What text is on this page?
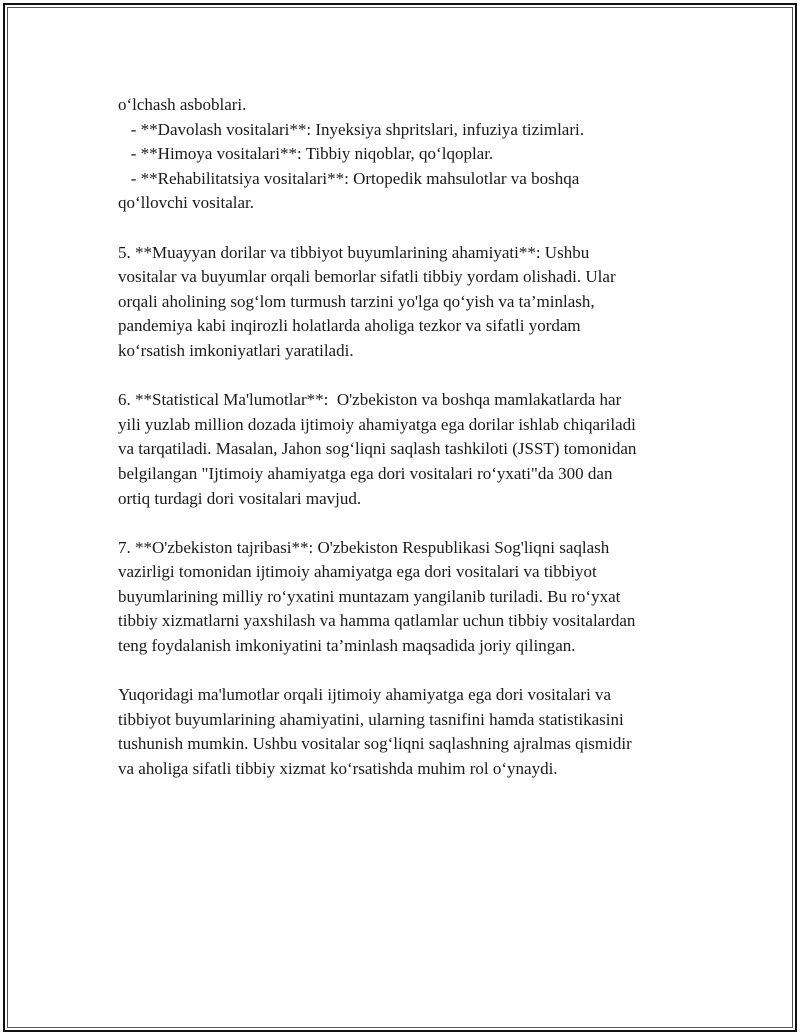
o‘lchash asboblari.
- **Davolash vositalari**: Inyeksiya shpritslari, infuziya tizimlari.
- **Himoya vositalari**: Tibbiy niqoblar, qo‘lqoplar.
- **Rehabilitatsiya vositalari**: Ortopedik mahsulotlar va boshqa
qo‘llovchi vositalar.
5. **Muayyan dorilar va tibbiyot buyumlarining ahamiyati**: Ushbu
vositalar va buyumlar orqali bemorlar sifatli tibbiy yordam olishadi. Ular
orqali aholining sog‘lom turmush tarzini yo'lga qo‘yish va ta’minlash,
pandemiya kabi inqirozli holatlarda aholiga tezkor va sifatli yordam
ko‘rsatish imkoniyatlari yaratiladi.
6. **Statistical Ma'lumotlar**:  O'zbekiston va boshqa mamlakatlarda har
yili yuzlab million dozada ijtimoiy ahamiyatga ega dorilar ishlab chiqariladi
va tarqatiladi. Masalan, Jahon sog‘liqni saqlash tashkiloti (JSST) tomonidan
belgilangan "Ijtimoiy ahamiyatga ega dori vositalari ro‘yxati"da 300 dan
ortiq turdagi dori vositalari mavjud.
7. **O'zbekiston tajribasi**: O'zbekiston Respublikasi Sog'liqni saqlash
vazirligi tomonidan ijtimoiy ahamiyatga ega dori vositalari va tibbiyot
buyumlarining milliy ro‘yxatini muntazam yangilanib turiladi. Bu ro‘yxat
tibbiy xizmatlarni yaxshilash va hamma qatlamlar uchun tibbiy vositalardan
teng foydalanish imkoniyatini ta’minlash maqsadida joriy qilingan.
Yuqoridagi ma'lumotlar orqali ijtimoiy ahamiyatga ega dori vositalari va
tibbiyot buyumlarining ahamiyatini, ularning tasnifini hamda statistikasini
tushunish mumkin. Ushbu vositalar sog‘liqni saqlashning ajralmas qismidir
va aholiga sifatli tibbiy xizmat ko‘rsatishda muhim rol o‘ynaydi.
